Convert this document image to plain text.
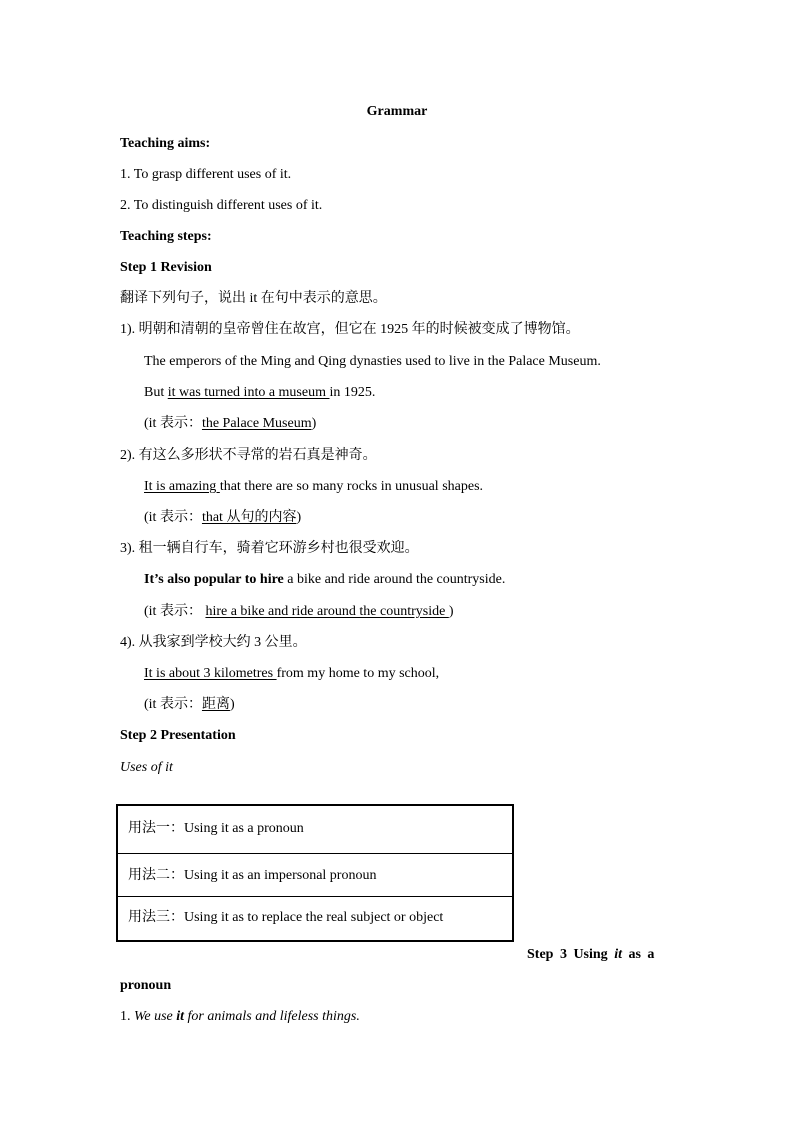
Grammar
Teaching aims:
1. To grasp different uses of it.
2. To distinguish different uses of it.
Teaching steps:
Step 1 Revision
翻译下列句子，说出 it 在句中表示的意思。
1). 明朝和清朝的皇帝曾住在故宫，但它在 1925 年的时候被变成了博物馆。
The emperors of the Ming and Qing dynasties used to live in the Palace Museum.
But it was turned into a museum in 1925.
(it 表示：the Palace Museum)
2). 有这么多形状不寻常的岩石真是神奇。
It is amazing that there are so many rocks in unusual shapes.
(it 表示：that 从句的内容)
3). 租一辆自行车，骑着它环游乡村也很受欢迎。
It’s also popular to hire a bike and ride around the countryside.
(it 表示： hire a bike and ride around the countryside )
4). 从我家到学校大约 3 公里。
It is about 3 kilometres from my home to my school,
(it 表示：距离)
Step 2 Presentation
Uses of it
用法一：Using it as a pronoun
用法二：Using it as an impersonal pronoun
用法三：Using it as to replace the real subject or object
Step 3 Using it as a
pronoun
1. We use it for animals and lifeless things.
